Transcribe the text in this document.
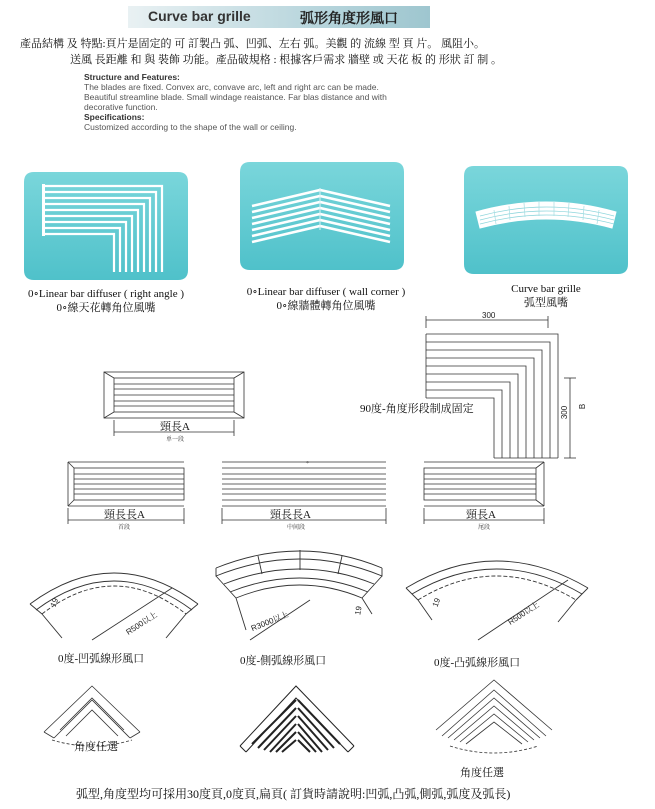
Curve bar grille	弧形角度形風口
產品結構 及 特點:頁片是固定的 可 訂製凸 弧、凹弧、左右 弧。美觀 的 流線 型 頁 片。 風阻小。
送風 長距離 和 與 裝飾 功能。產品破規格 : 根據客戶需求 牆壁 或 天花 板 的 形狀 訂 制 。
Structure and Features:
The blades are fixed. Convex arc, convave arc, left and right arc can be made.
Beautiful streamline blade. Small windage reaistance. Far blas distance and with
decorative function.
Specifications:
Customized according to the shape of the wall or ceiling.
0∘Linear bar diffuser ( right angle )
0∘線天花轉角位風嘴
0∘Linear bar diffuser ( wall corner )
0∘線牆體轉角位風嘴
Curve bar grille
弧型風嘴
頸長A
单一段
300
300 B
90度-角度形段制成固定
頸長長A
首段
*
頸長長A
中间段
頸長A
尾段
19
R500以上
0度-凹弧線形風口
19
R3000以上
0度-側弧線形風口
19	R500以上
0度-凸弧線形風口
角度任選
角度任選
弧型,角度型均可採用30度頁,0度頁,扁頁( 訂貨時請說明:凹弧,凸弧,側弧,弧度及弧長)
